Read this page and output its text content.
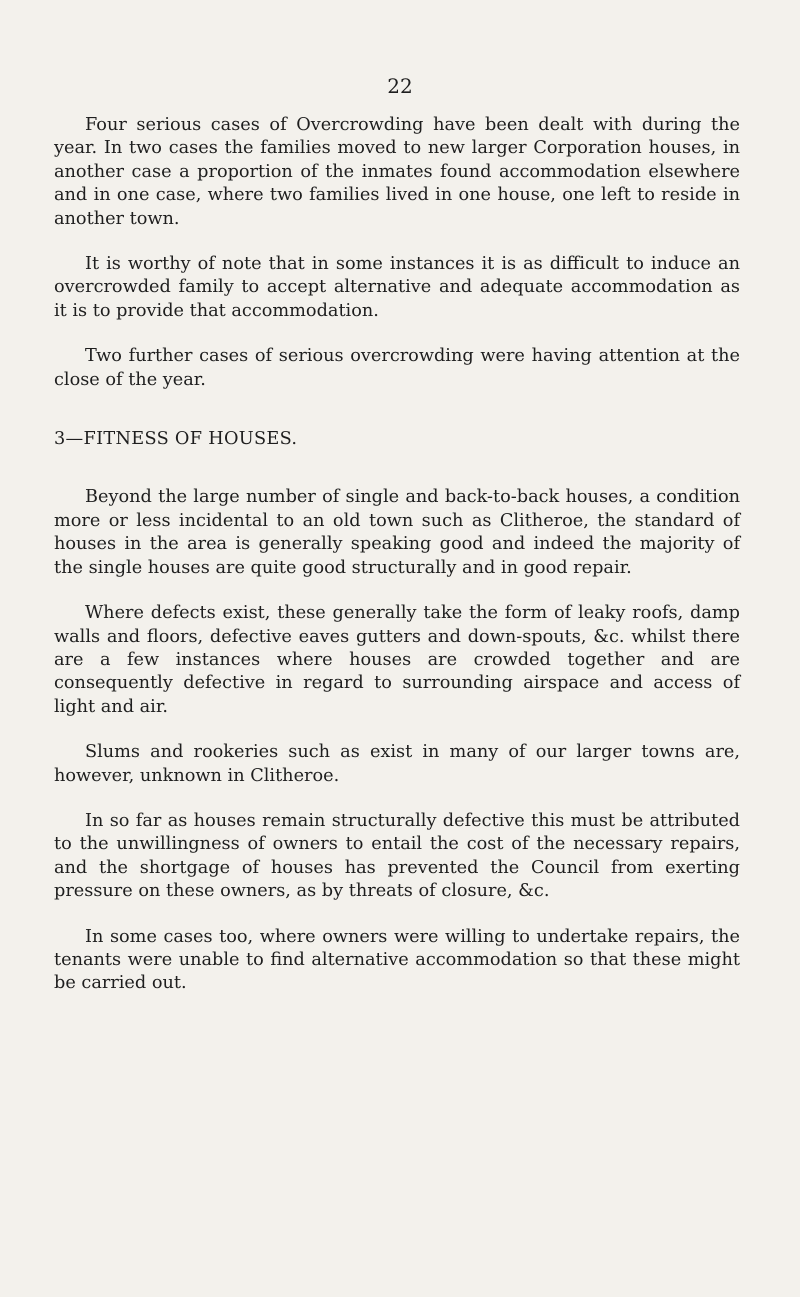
22

Four serious cases of Overcrowding have been dealt with during the year. In two cases the families moved to new larger Corporation houses, in another case a proportion of the inmates found accommodation elsewhere and in one case, where two families lived in one house, one left to reside in another town.

It is worthy of note that in some instances it is as difficult to induce an overcrowded family to accept alternative and adequate accommodation as it is to provide that accommodation.

Two further cases of serious overcrowding were having attention at the close of the year.

3—FITNESS OF HOUSES.

Beyond the large number of single and back-to-back houses, a condition more or less incidental to an old town such as Clitheroe, the standard of houses in the area is generally speaking good and indeed the majority of the single houses are quite good structurally and in good repair.

Where defects exist, these generally take the form of leaky roofs, damp walls and floors, defective eaves gutters and down-spouts, &c. whilst there are a few instances where houses are crowded together and are consequently defective in regard to surrounding airspace and access of light and air.

Slums and rookeries such as exist in many of our larger towns are, however, unknown in Clitheroe.

In so far as houses remain structurally defective this must be attributed to the unwillingness of owners to entail the cost of the necessary repairs, and the shortgage of houses has prevented the Council from exerting pressure on these owners, as by threats of closure, &c.

In some cases too, where owners were willing to undertake repairs, the tenants were unable to find alternative accommodation so that these might be carried out.
